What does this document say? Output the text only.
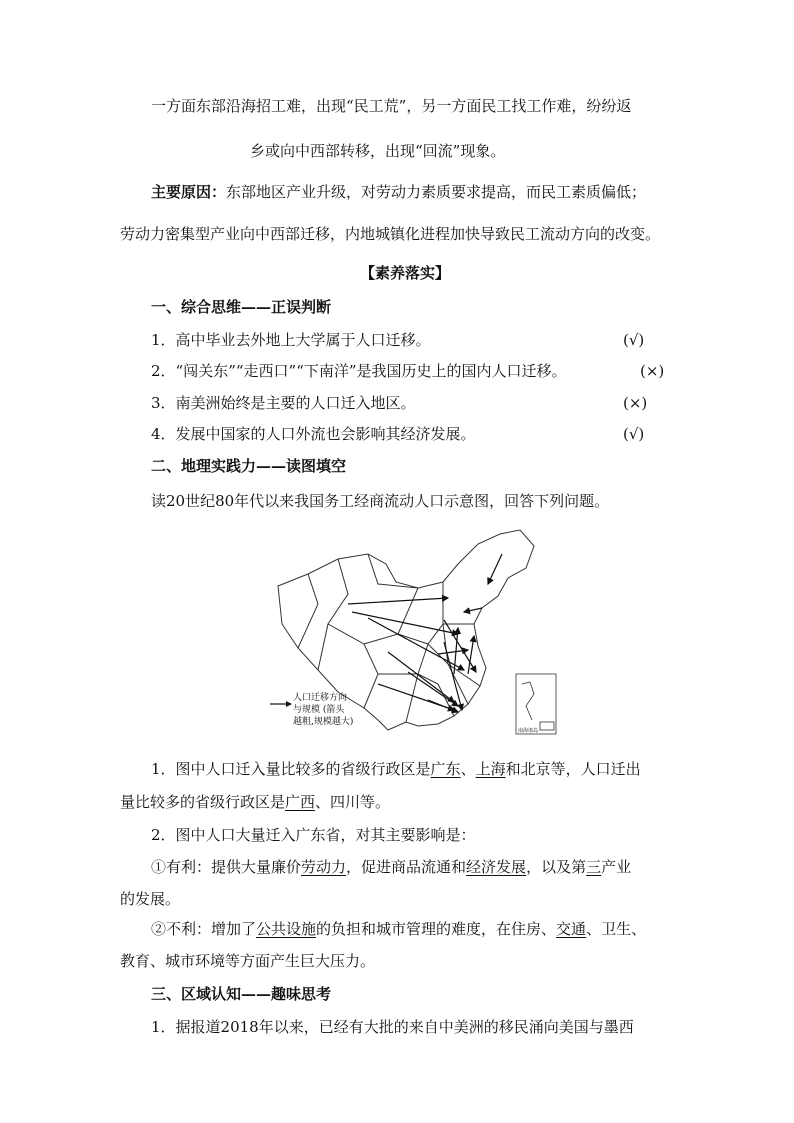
一方面东部沿海招工难，出现“民工荒”，另一方面民工找工作难，纷纷返
乡或向中西部转移，出现“回流”现象。
主要原因：东部地区产业升级，对劳动力素质要求提高，而民工素质偏低；
劳动力密集型产业向中西部迁移，内地城镇化进程加快导致民工流动方向的改变。
【素养落实】
一、综合思维——正误判断
1．高中毕业去外地上大学属于人口迁移。	(√)
2．“闯关东”“走西口”“下南洋”是我国历史上的国内人口迁移。	(×)
3．南美洲始终是主要的人口迁入地区。	(×)
4．发展中国家的人口外流也会影响其经济发展。	(√)
二、地理实践力——读图填空
读20世纪80年代以来我国务工经商流动人口示意图，回答下列问题。
人口迁移方向
与规模 (箭头
越粗,规模越大)
南海诸岛
1．图中人口迁入量比较多的省级行政区是广东、上海和北京等，人口迁出
量比较多的省级行政区是广西、四川等。
2．图中人口大量迁入广东省，对其主要影响是：
①有利：提供大量廉价劳动力，促进商品流通和经济发展，以及第三产业
的发展。
②不利：增加了公共设施的负担和城市管理的难度，在住房、交通、卫生、
教育、城市环境等方面产生巨大压力。
三、区域认知——趣味思考
1．据报道2018年以来，已经有大批的来自中美洲的移民涌向美国与墨西
